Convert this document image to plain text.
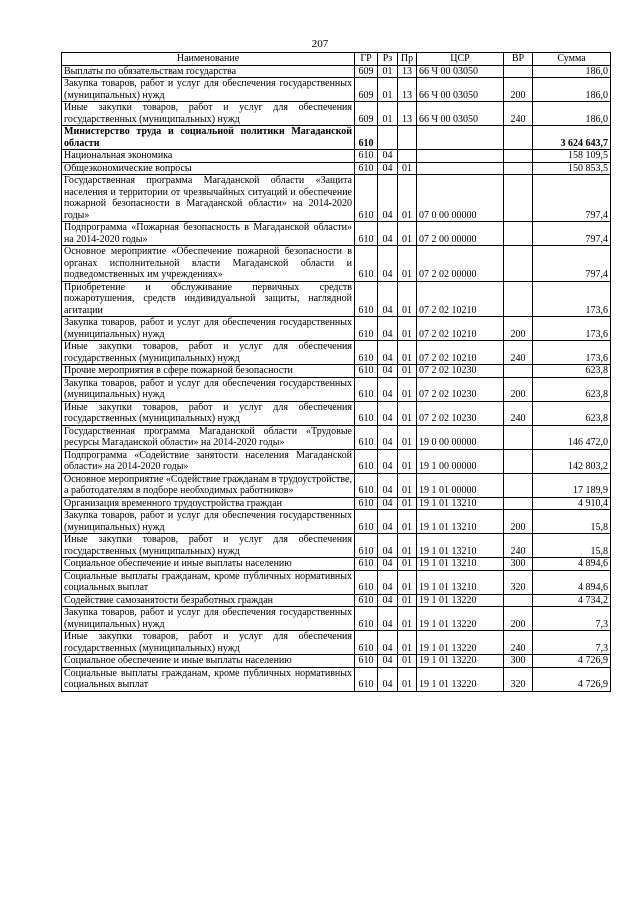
207
Наименование	ГР	Рз	Пр	ЦСР	ВР	Сумма
Выплаты по обязательствам государства	609	01	13	66 Ч 00 03050		186,0
Закупка товаров, работ и услуг для обеспечения государственных (муниципальных) нужд	609	01	13	66 Ч 00 03050	200	186,0
Иные закупки товаров, работ и услуг для обеспечения государственных (муниципальных) нужд	609	01	13	66 Ч 00 03050	240	186,0
Министерство труда и социальной политики Магаданской области	610					3 624 643,7
Национальная экономика	610	04				158 109,5
Общеэкономические вопросы	610	04	01			150 853,5
Государственная программа Магаданской области «Защита населения и территории от чрезвычайных ситуаций и обеспечение пожарной безопасности в Магаданской области» на 2014-2020 годы»	610	04	01	07 0 00 00000		797,4
Подпрограмма «Пожарная безопасность в Магаданской области» на 2014-2020 годы»	610	04	01	07 2 00 00000		797,4
Основное мероприятие «Обеспечение пожарной безопасности в органах исполнительной власти Магаданской области и подведомственных им учреждениях»	610	04	01	07 2 02 00000		797,4
Приобретение и обслуживание первичных средств пожаротушения, средств индивидуальной защиты, наглядной агитации	610	04	01	07 2 02 10210		173,6
Закупка товаров, работ и услуг для обеспечения государственных (муниципальных) нужд	610	04	01	07 2 02 10210	200	173,6
Иные закупки товаров, работ и услуг для обеспечения государственных (муниципальных) нужд	610	04	01	07 2 02 10210	240	173,6
Прочие мероприятия в сфере пожарной безопасности	610	04	01	07 2 02 10230		623,8
Закупка товаров, работ и услуг для обеспечения государственных (муниципальных) нужд	610	04	01	07 2 02 10230	200	623,8
Иные закупки товаров, работ и услуг для обеспечения государственных (муниципальных) нужд	610	04	01	07 2 02 10230	240	623,8
Государственная программа Магаданской области «Трудовые ресурсы Магаданской области» на 2014-2020 годы»	610	04	01	19 0 00 00000		146 472,0
Подпрограмма «Содействие занятости населения Магаданской области» на 2014-2020 годы»	610	04	01	19 1 00 00000		142 803,2
Основное мероприятие «Содействие гражданам в трудоустройстве, а работодателям в подборе необходимых работников»	610	04	01	19 1 01 00000		17 189,9
Организация временного трудоустройства граждан	610	04	01	19 1 01 13210		4 910,4
Закупка товаров, работ и услуг для обеспечения государственных (муниципальных) нужд	610	04	01	19 1 01 13210	200	15,8
Иные закупки товаров, работ и услуг для обеспечения государственных (муниципальных) нужд	610	04	01	19 1 01 13210	240	15,8
Социальное обеспечение и иные выплаты населению	610	04	01	19 1 01 13210	300	4 894,6
Социальные выплаты гражданам, кроме публичных нормативных социальных выплат	610	04	01	19 1 01 13210	320	4 894,6
Содействие самозанятости безработных граждан	610	04	01	19 1 01 13220		4 734,2
Закупка товаров, работ и услуг для обеспечения государственных (муниципальных) нужд	610	04	01	19 1 01 13220	200	7,3
Иные закупки товаров, работ и услуг для обеспечения государственных (муниципальных) нужд	610	04	01	19 1 01 13220	240	7,3
Социальное обеспечение и иные выплаты населению	610	04	01	19 1 01 13220	300	4 726,9
Социальные выплаты гражданам, кроме публичных нормативных социальных выплат	610	04	01	19 1 01 13220	320	4 726,9
